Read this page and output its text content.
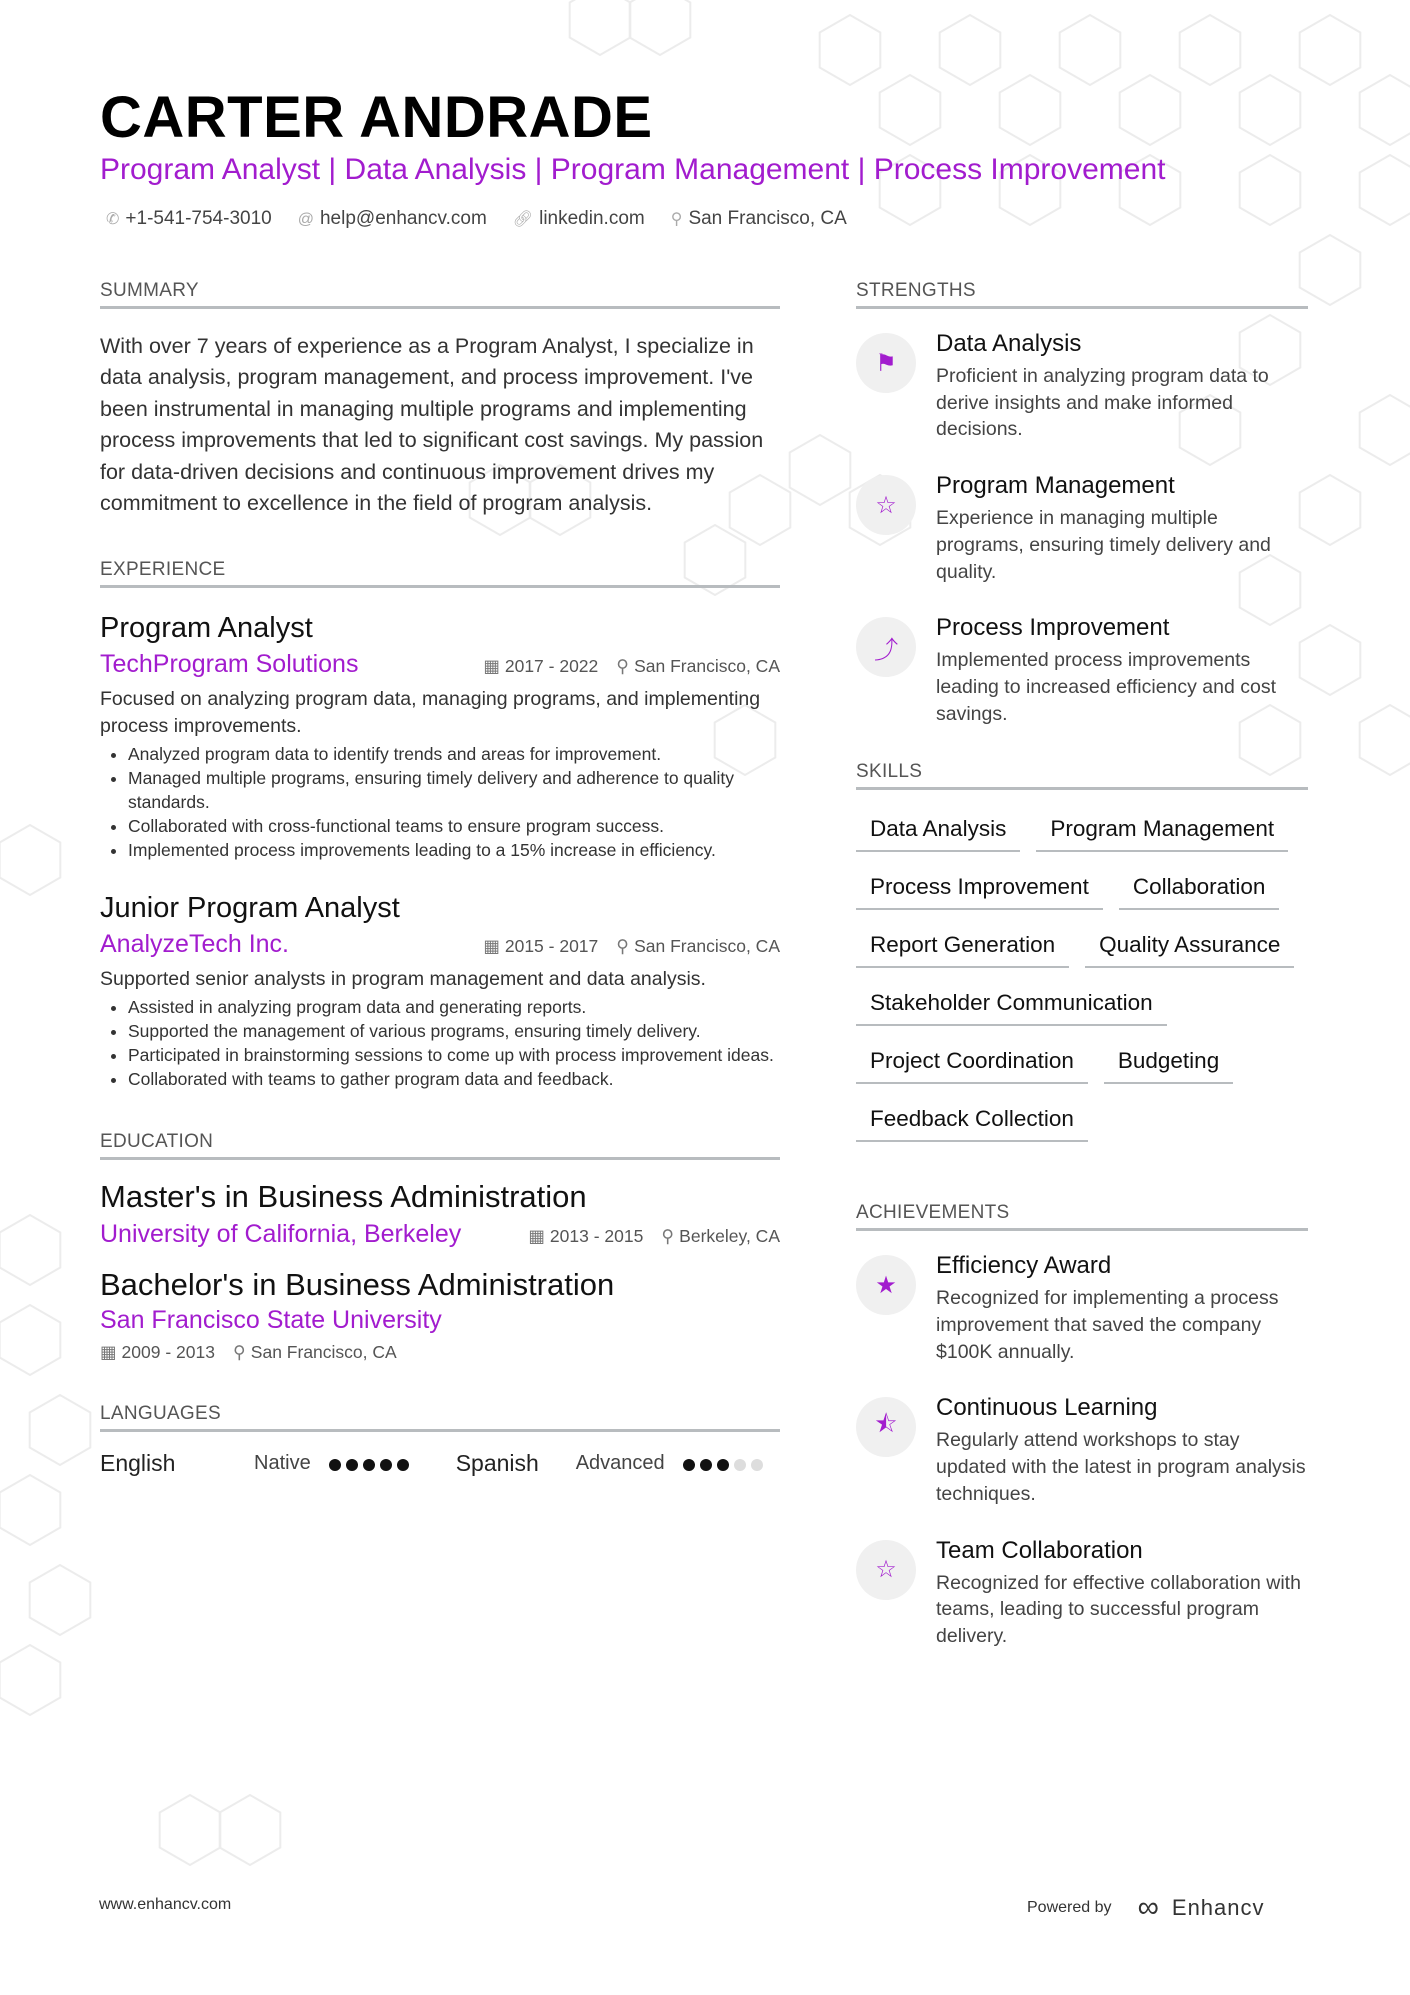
CARTER ANDRADE
Program Analyst | Data Analysis | Program Management | Process Improvement
✆ +1-541-754-3010 @ help@enhancv.com 🔗︎ linkedin.com ⚲ San Francisco, CA
SUMMARY
With over 7 years of experience as a Program Analyst, I specialize in data analysis, program management, and process improvement. I've been instrumental in managing multiple programs and implementing process improvements that led to significant cost savings. My passion for data-driven decisions and continuous improvement drives my commitment to excellence in the field of program analysis.
EXPERIENCE
Program Analyst
TechProgram Solutions	▦ 2017 - 2022 ⚲ San Francisco, CA
Focused on analyzing program data, managing programs, and implementing process improvements.
• Analyzed program data to identify trends and areas for improvement.
• Managed multiple programs, ensuring timely delivery and adherence to quality standards.
• Collaborated with cross-functional teams to ensure program success.
• Implemented process improvements leading to a 15% increase in efficiency.
Junior Program Analyst
AnalyzeTech Inc.	▦ 2015 - 2017 ⚲ San Francisco, CA
Supported senior analysts in program management and data analysis.
• Assisted in analyzing program data and generating reports.
• Supported the management of various programs, ensuring timely delivery.
• Participated in brainstorming sessions to come up with process improvement ideas.
• Collaborated with teams to gather program data and feedback.
EDUCATION
Master's in Business Administration
University of California, Berkeley	▦ 2013 - 2015 ⚲ Berkeley, CA
Bachelor's in Business Administration
San Francisco State University
▦ 2009 - 2013 ⚲ San Francisco, CA
LANGUAGES
English	Native	Spanish	Advanced
STRENGTHS
⚑
Data Analysis
Proficient in analyzing program data to derive insights and make informed decisions.
☆
Program Management
Experience in managing multiple programs, ensuring timely delivery and quality.
⤴
Process Improvement
Implemented process improvements leading to increased efficiency and cost savings.
SKILLS
Data Analysis	Program Management
Process Improvement	Collaboration
Report Generation	Quality Assurance
Stakeholder Communication
Project Coordination	Budgeting
Feedback Collection
ACHIEVEMENTS
★
Efficiency Award
Recognized for implementing a process improvement that saved the company $100K annually.
⯪
Continuous Learning
Regularly attend workshops to stay updated with the latest in program analysis techniques.
☆
Team Collaboration
Recognized for effective collaboration with teams, leading to successful program delivery.
www.enhancv.com	Powered by ∞ Enhancv
